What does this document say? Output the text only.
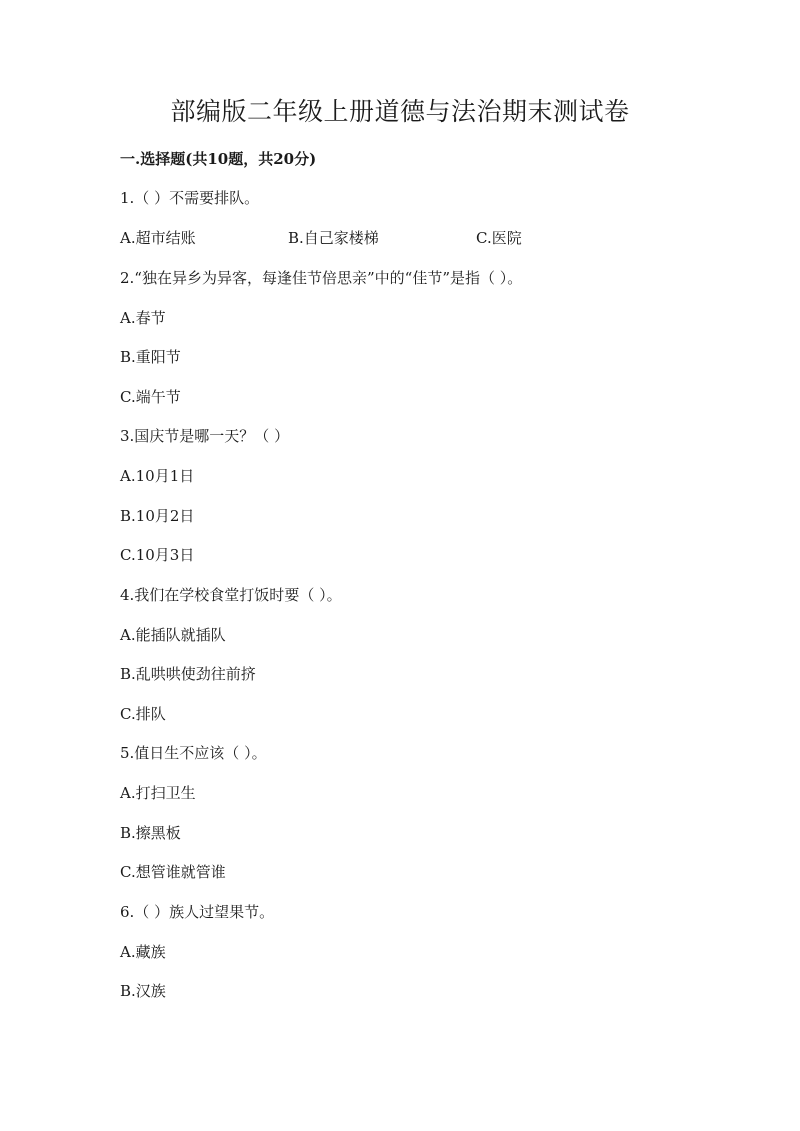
部编版二年级上册道德与法治期末测试卷
一.选择题(共10题，共20分)
1.（ ）不需要排队。
A.超市结账	B.自己家楼梯	C.医院
2.“独在异乡为异客，每逢佳节倍思亲”中的“佳节”是指（ ）。
A.春节
B.重阳节
C.端午节
3.国庆节是哪一天？（ ）
A.10月1日
B.10月2日
C.10月3日
4.我们在学校食堂打饭时要（ ）。
A.能插队就插队
B.乱哄哄使劲往前挤
C.排队
5.值日生不应该（ ）。
A.打扫卫生
B.擦黑板
C.想管谁就管谁
6.（ ）族人过望果节。
A.藏族
B.汉族
